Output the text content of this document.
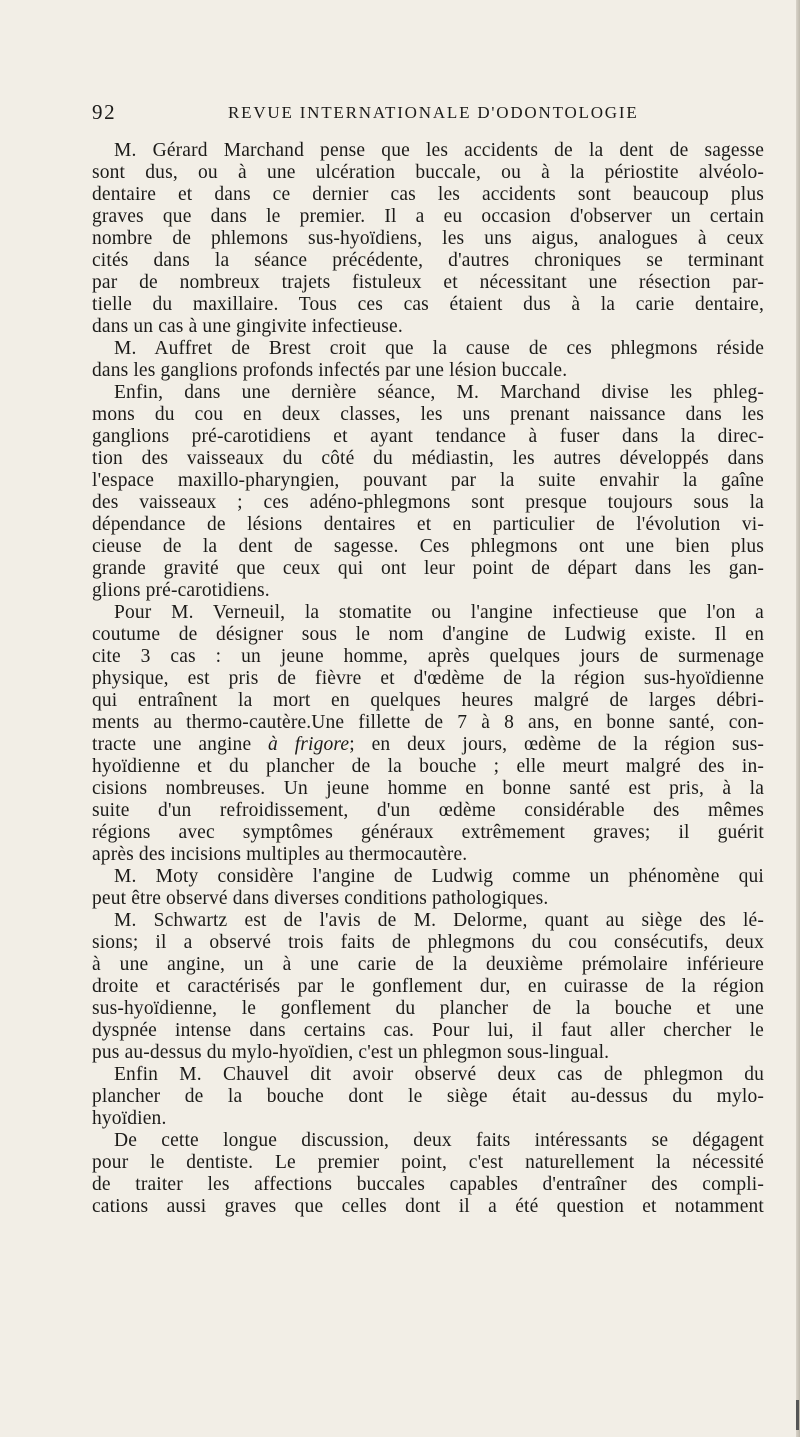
92	REVUE INTERNATIONALE D'ODONTOLOGIE
M. Gérard Marchand pense que les accidents de la dent de sagesse
sont dus, ou à une ulcération buccale, ou à la périostite alvéolo-
dentaire et dans ce dernier cas les accidents sont beaucoup plus
graves que dans le premier. Il a eu occasion d'observer un certain
nombre de phlemons sus-hyoïdiens, les uns aigus, analogues à ceux
cités dans la séance précédente, d'autres chroniques se terminant
par de nombreux trajets fistuleux et nécessitant une résection par-
tielle du maxillaire. Tous ces cas étaient dus à la carie dentaire,
dans un cas à une gingivite infectieuse.
M. Auffret de Brest croit que la cause de ces phlegmons réside
dans les ganglions profonds infectés par une lésion buccale.
Enfin, dans une dernière séance, M. Marchand divise les phleg-
mons du cou en deux classes, les uns prenant naissance dans les
ganglions pré-carotidiens et ayant tendance à fuser dans la direc-
tion des vaisseaux du côté du médiastin, les autres développés dans
l'espace maxillo-pharyngien, pouvant par la suite envahir la gaîne
des vaisseaux ; ces adéno-phlegmons sont presque toujours sous la
dépendance de lésions dentaires et en particulier de l'évolution vi-
cieuse de la dent de sagesse. Ces phlegmons ont une bien plus
grande gravité que ceux qui ont leur point de départ dans les gan-
glions pré-carotidiens.
Pour M. Verneuil, la stomatite ou l'angine infectieuse que l'on a
coutume de désigner sous le nom d'angine de Ludwig existe. Il en
cite 3 cas : un jeune homme, après quelques jours de surmenage
physique, est pris de fièvre et d'œdème de la région sus-hyoïdienne
qui entraînent la mort en quelques heures malgré de larges débri-
ments au thermo-cautère.Une fillette de 7 à 8 ans, en bonne santé, con-
tracte une angine à frigore; en deux jours, œdème de la région sus-
hyoïdienne et du plancher de la bouche ; elle meurt malgré des in-
cisions nombreuses. Un jeune homme en bonne santé est pris, à la
suite d'un refroidissement, d'un œdème considérable des mêmes
régions avec symptômes généraux extrêmement graves; il guérit
après des incisions multiples au thermocautère.
M. Moty considère l'angine de Ludwig comme un phénomène qui
peut être observé dans diverses conditions pathologiques.
M. Schwartz est de l'avis de M. Delorme, quant au siège des lé-
sions; il a observé trois faits de phlegmons du cou consécutifs, deux
à une angine, un à une carie de la deuxième prémolaire inférieure
droite et caractérisés par le gonflement dur, en cuirasse de la région
sus-hyoïdienne, le gonflement du plancher de la bouche et une
dyspnée intense dans certains cas. Pour lui, il faut aller chercher le
pus au-dessus du mylo-hyoïdien, c'est un phlegmon sous-lingual.
Enfin M. Chauvel dit avoir observé deux cas de phlegmon du
plancher de la bouche dont le siège était au-dessus du mylo-
hyoïdien.
De cette longue discussion, deux faits intéressants se dégagent
pour le dentiste. Le premier point, c'est naturellement la nécessité
de traiter les affections buccales capables d'entraîner des compli-
cations aussi graves que celles dont il a été question et notamment
